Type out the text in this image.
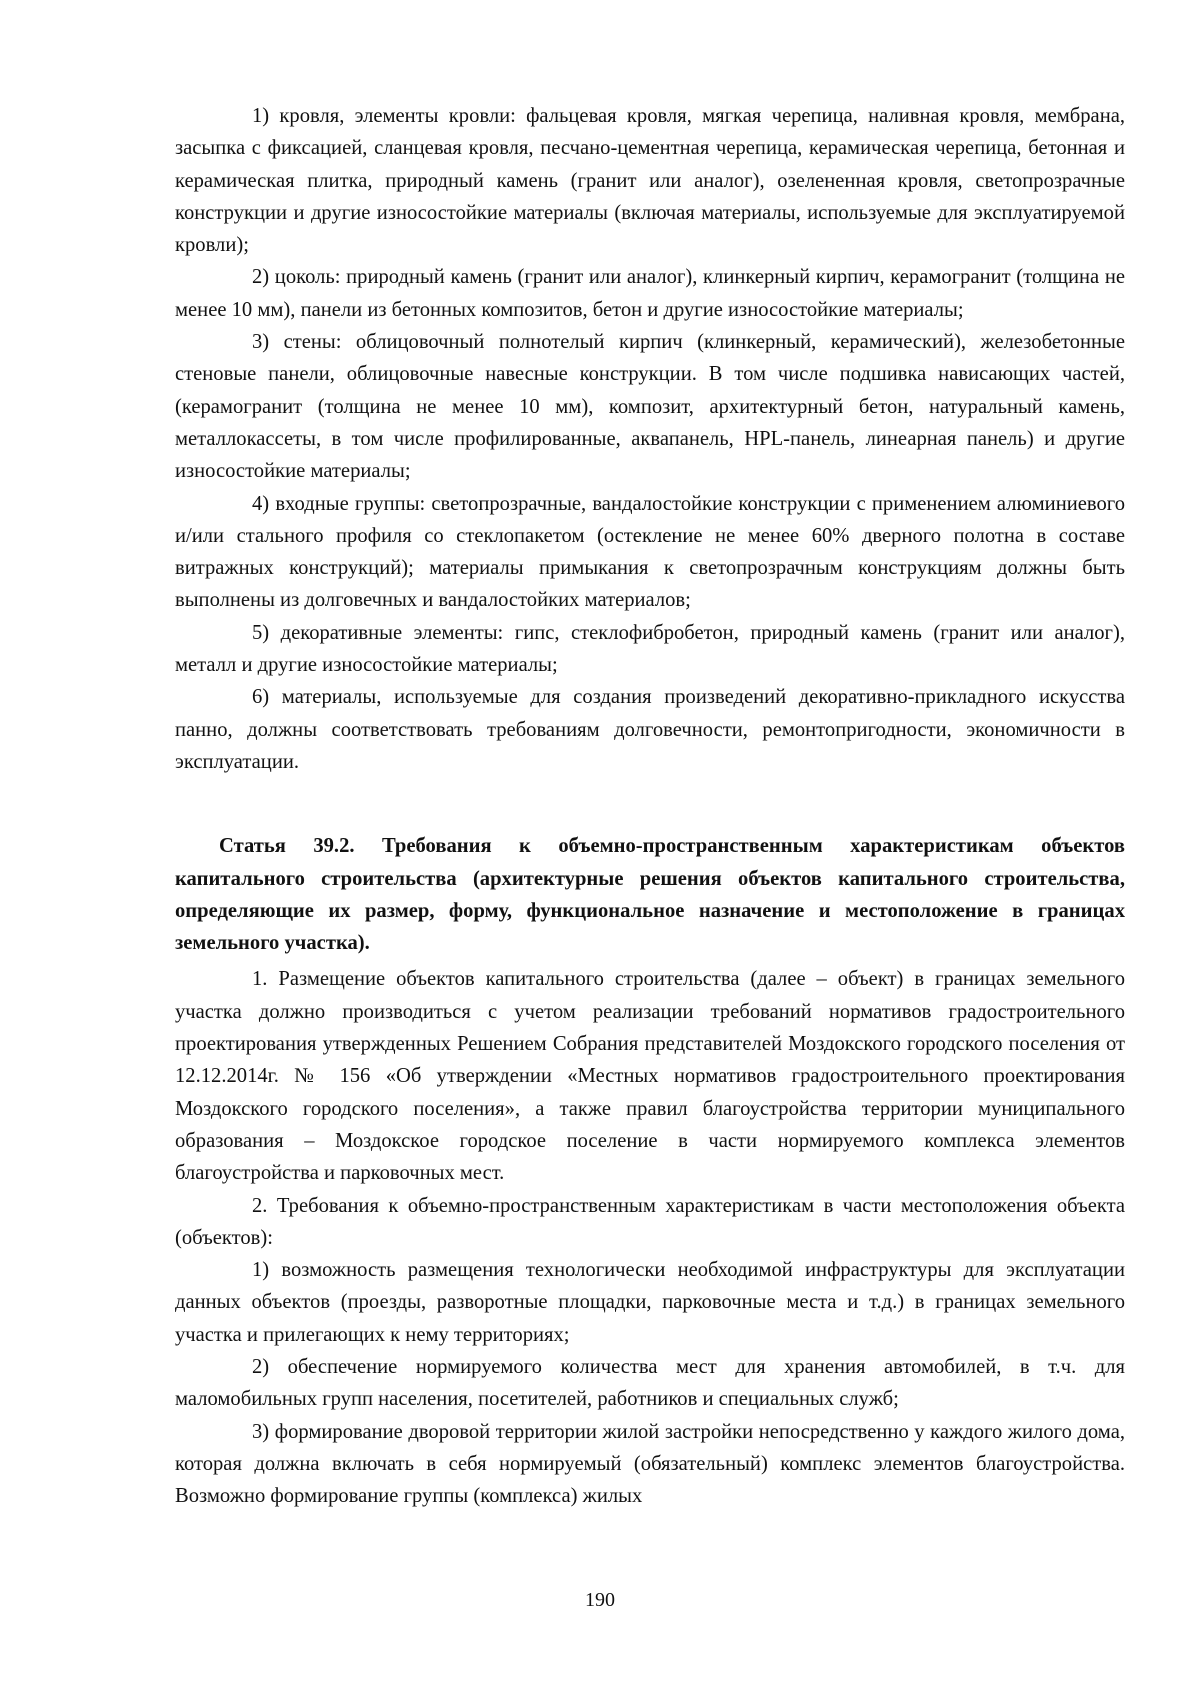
1) кровля, элементы кровли: фальцевая кровля, мягкая черепица, наливная кровля, мембрана, засыпка с фиксацией, сланцевая кровля, песчано-цементная черепица, керамическая черепица, бетонная и керамическая плитка, природный камень (гранит или аналог), озелененная кровля, светопрозрачные конструкции и другие износостойкие материалы (включая материалы, используемые для эксплуатируемой кровли);

2) цоколь: природный камень (гранит или аналог), клинкерный кирпич, керамогранит (толщина не менее 10 мм), панели из бетонных композитов, бетон и другие износостойкие материалы;

3) стены: облицовочный полнотелый кирпич (клинкерный, керамический), железобетонные стеновые панели, облицовочные навесные конструкции. В том числе подшивка нависающих частей, (керамогранит (толщина не менее 10 мм), композит, архитектурный бетон, натуральный камень, металлокассеты, в том числе профилированные, аквапанель, HPL-панель, линеарная панель) и другие износостойкие материалы;

4) входные группы: светопрозрачные, вандалостойкие конструкции с применением алюминиевого и/или стального профиля со стеклопакетом (остекление не менее 60% дверного полотна в составе витражных конструкций); материалы примыкания к светопрозрачным конструкциям должны быть выполнены из долговечных и вандалостойких материалов;

5) декоративные элементы: гипс, стеклофибробетон, природный камень (гранит или аналог), металл и другие износостойкие материалы;

6) материалы, используемые для создания произведений декоративно-прикладного искусства панно, должны соответствовать требованиям долговечности, ремонтопригодности, экономичности в эксплуатации.

Статья 39.2. Требования к объемно-пространственным характеристикам объектов капитального строительства (архитектурные решения объектов капитального строительства, определяющие их размер, форму, функциональное назначение и местоположение в границах земельного участка).

1. Размещение объектов капитального строительства (далее – объект) в границах земельного участка должно производиться с учетом реализации требований нормативов градостроительного проектирования утвержденных Решением Собрания представителей Моздокского городского поселения от 12.12.2014г. № 156 «Об утверждении «Местных нормативов градостроительного проектирования Моздокского городского поселения», а также правил благоустройства территории муниципального образования – Моздокское городское поселение в части нормируемого комплекса элементов благоустройства и парковочных мест.

2. Требования к объемно-пространственным характеристикам в части местоположения объекта (объектов):

1) возможность размещения технологически необходимой инфраструктуры для эксплуатации данных объектов (проезды, разворотные площадки, парковочные места и т.д.) в границах земельного участка и прилегающих к нему территориях;

2) обеспечение нормируемого количества мест для хранения автомобилей, в т.ч. для маломобильных групп населения, посетителей, работников и специальных служб;

3) формирование дворовой территории жилой застройки непосредственно у каждого жилого дома, которая должна включать в себя нормируемый (обязательный) комплекс элементов благоустройства. Возможно формирование группы (комплекса) жилых

190
